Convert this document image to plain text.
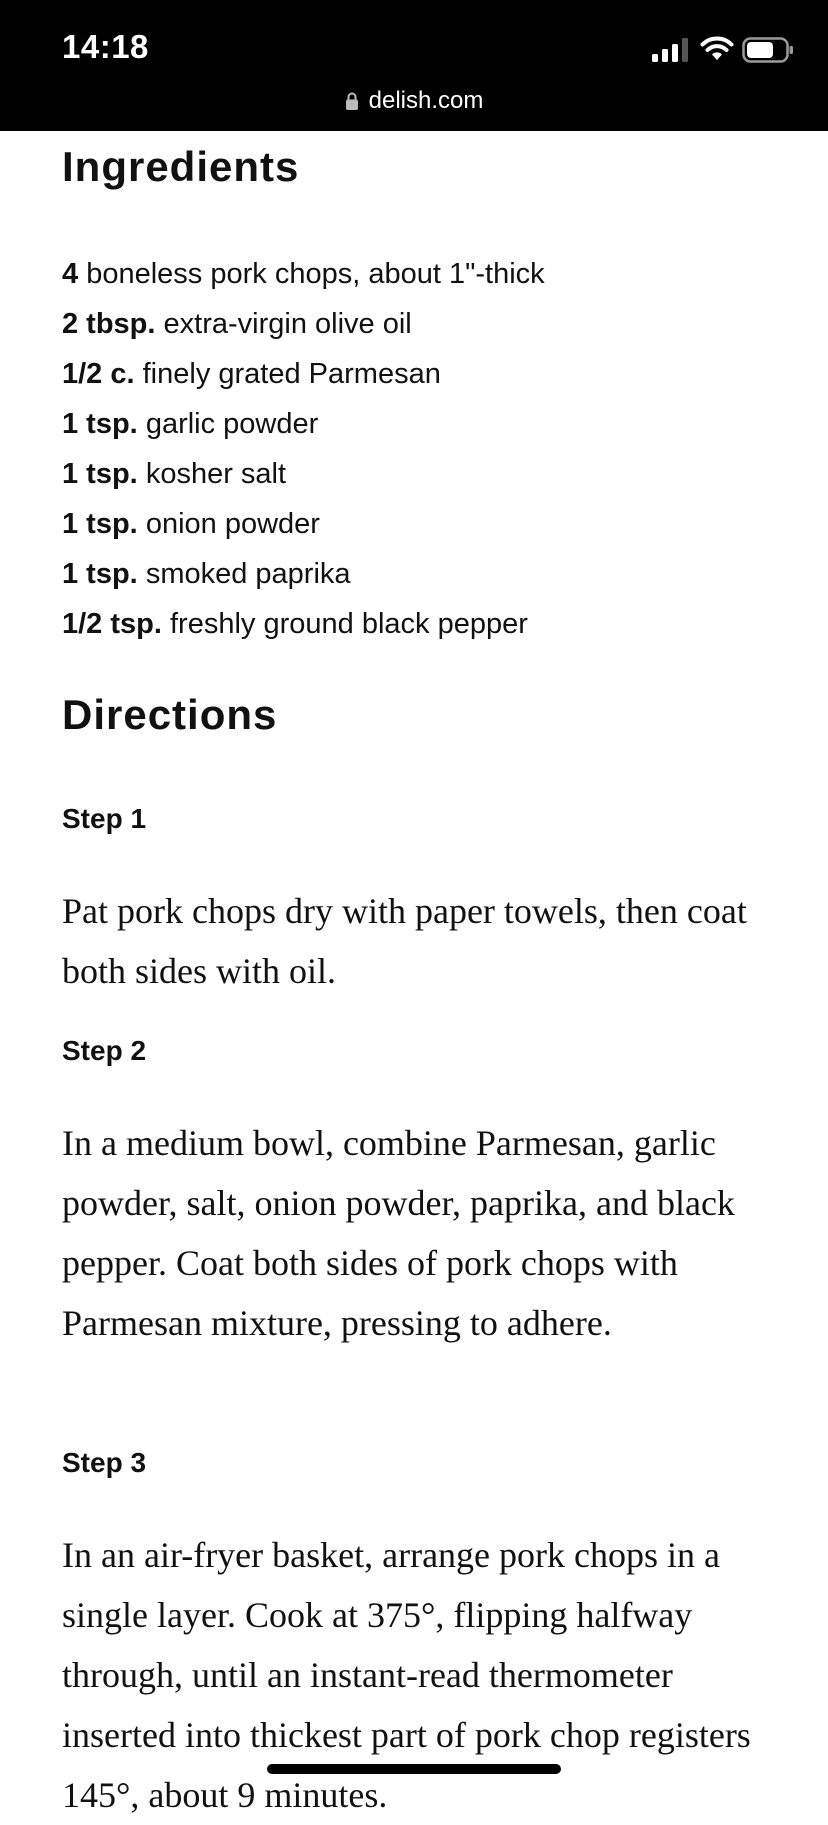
14:18
delish.com
Ingredients
4 boneless pork chops, about 1"-thick
2 tbsp. extra-virgin olive oil
1/2 c. finely grated Parmesan
1 tsp. garlic powder
1 tsp. kosher salt
1 tsp. onion powder
1 tsp. smoked paprika
1/2 tsp. freshly ground black pepper
Directions
Step 1

Pat pork chops dry with paper towels, then coat both sides with oil.

Step 2

In a medium bowl, combine Parmesan, garlic powder, salt, onion powder, paprika, and black pepper. Coat both sides of pork chops with Parmesan mixture, pressing to adhere.

Step 3

In an air-fryer basket, arrange pork chops in a single layer. Cook at 375°, flipping halfway through, until an instant-read thermometer inserted into thickest part of pork chop registers 145°, about 9 minutes.
